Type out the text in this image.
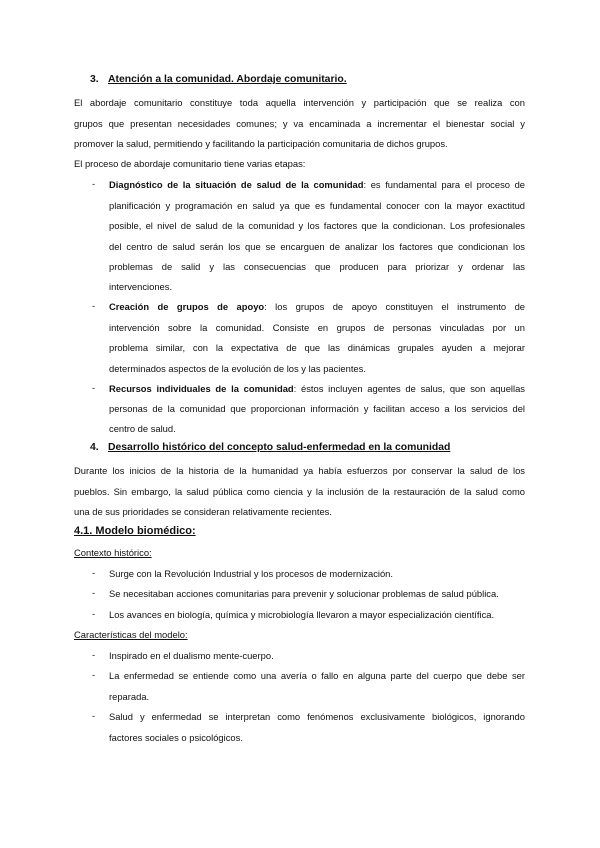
3. Atención a la comunidad. Abordaje comunitario.

El abordaje comunitario constituye toda aquella intervención y participación que se realiza con

grupos que presentan necesidades comunes; y va encaminada a incrementar el bienestar social y

promover la salud, permitiendo y facilitando la participación comunitaria de dichos grupos.

El proceso de abordaje comunitario tiene varias etapas:

- Diagnóstico de la situación de salud de la comunidad: es fundamental para el proceso de

planificación y programación en salud ya que es fundamental conocer con la mayor exactitud

posible, el nivel de salud de la comunidad y los factores que la condicionan. Los profesionales

del centro de salud serán los que se encarguen de analizar los factores que condicionan los

problemas de salid y las consecuencias que producen para priorizar y ordenar las

intervenciones.

- Creación de grupos de apoyo: los grupos de apoyo constituyen el instrumento de

intervención sobre la comunidad. Consiste en grupos de personas vinculadas por un

problema similar, con la expectativa de que las dinámicas grupales ayuden a mejorar

determinados aspectos de la evolución de los y las pacientes.

- Recursos individuales de la comunidad: éstos incluyen agentes de salus, que son aquellas

personas de la comunidad que proporcionan información y facilitan acceso a los servicios del

centro de salud.

4. Desarrollo histórico del concepto salud-enfermedad en la comunidad

Durante los inicios de la historia de la humanidad ya había esfuerzos por conservar la salud de los

pueblos. Sin embargo, la salud pública como ciencia y la inclusión de la restauración de la salud como

una de sus prioridades se consideran relativamente recientes.

4.1. Modelo biomédico:

Contexto histórico:

- Surge con la Revolución Industrial y los procesos de modernización.

- Se necesitaban acciones comunitarias para prevenir y solucionar problemas de salud pública.

- Los avances en biología, química y microbiología llevaron a mayor especialización científica.

Características del modelo:

- Inspirado en el dualismo mente-cuerpo.

- La enfermedad se entiende como una avería o fallo en alguna parte del cuerpo que debe ser

reparada.

- Salud y enfermedad se interpretan como fenómenos exclusivamente biológicos, ignorando

factores sociales o psicológicos.
